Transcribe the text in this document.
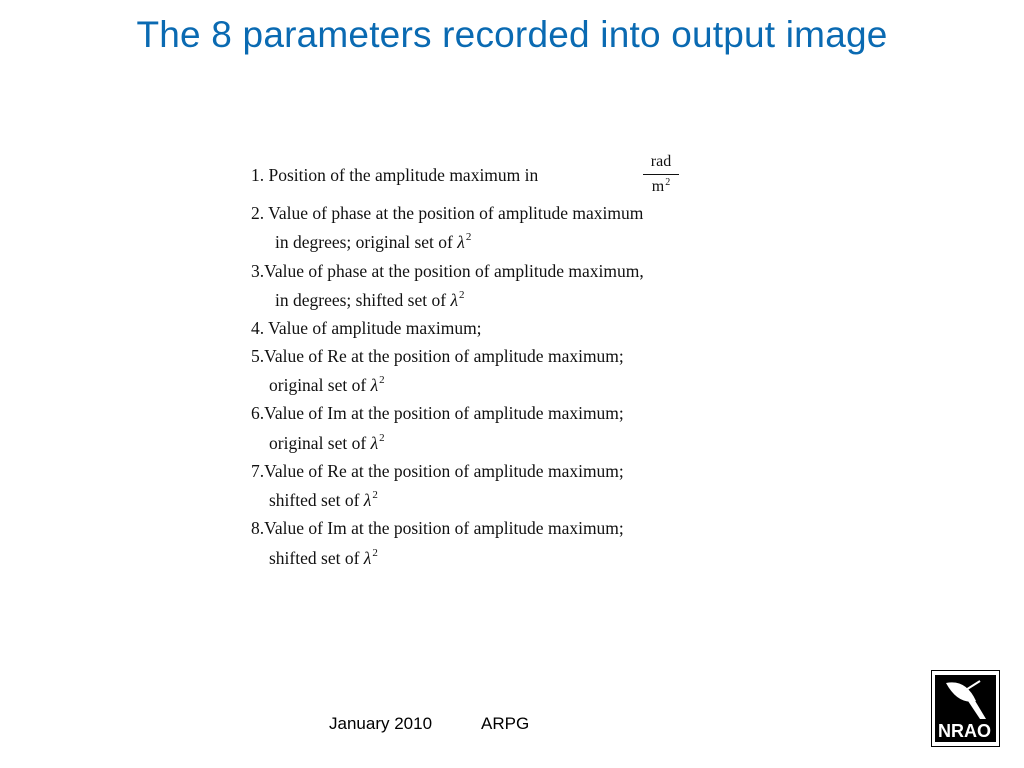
The 8 parameters recorded into output image
1. Position of the amplitude maximum in
rad
$m^2$
2. Value of phase at the position of amplitude maximum
in degrees; original set of $\lambda^2$
3.Value of phase at the position of amplitude maximum,
in degrees; shifted set of $\lambda^2$
4. Value of amplitude maximum;
5.Value of Re at the position of amplitude maximum;
original set of $\lambda^2$
6.Value of Im at the position of amplitude maximum;
original set of $\lambda^2$
7.Value of Re at the position of amplitude maximum;
shifted set of $\lambda^2$
8.Value of Im at the position of amplitude maximum;
shifted set of $\lambda^2$
January 2010	ARPG	NRAO
